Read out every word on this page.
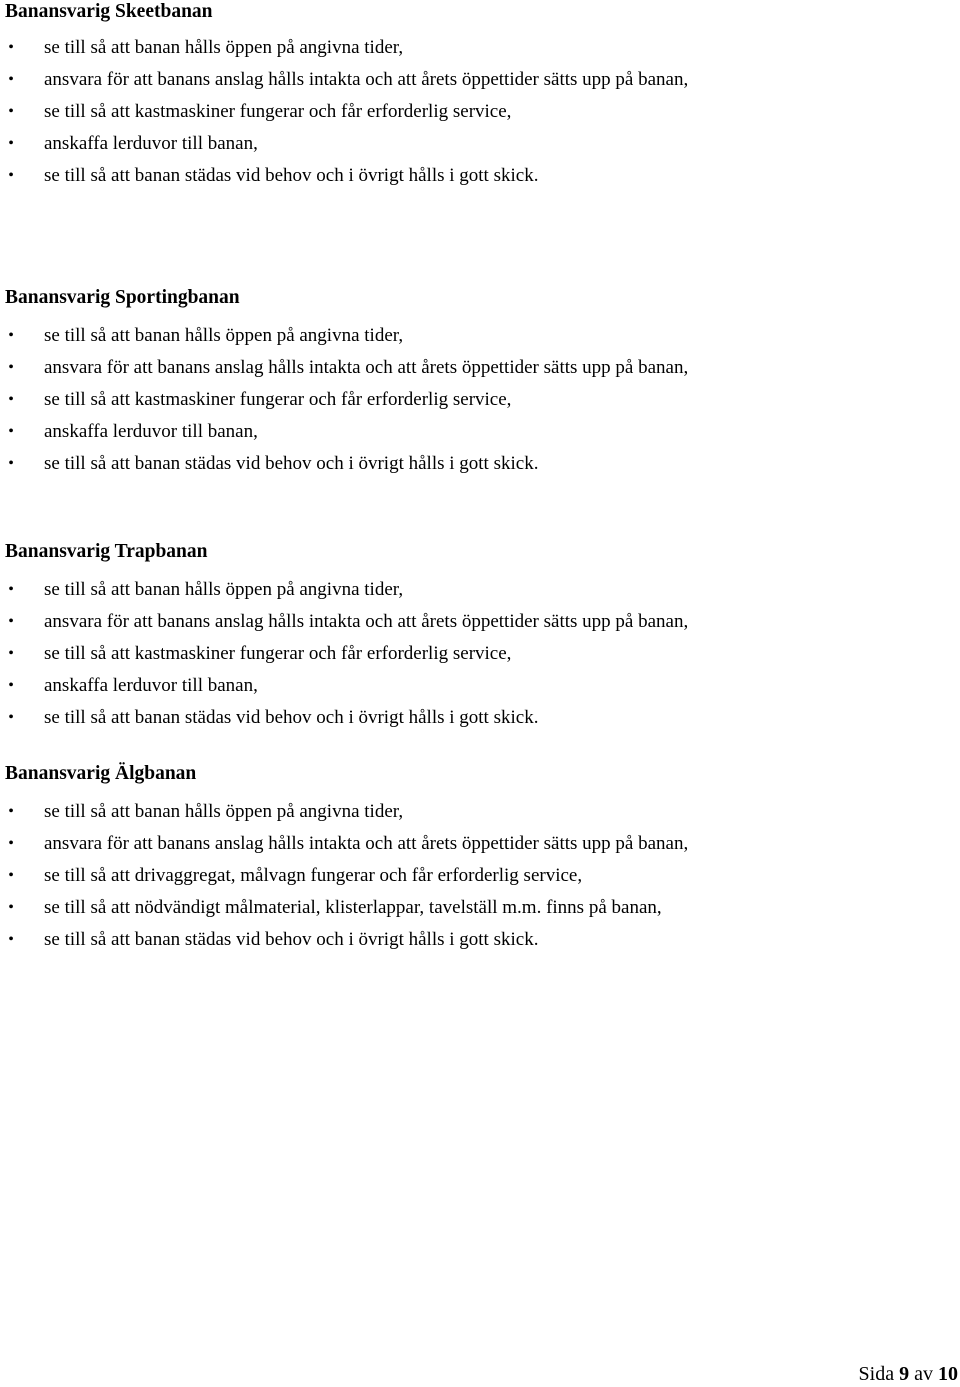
Banansvarig Skeetbanan
• se till så att banan hålls öppen på angivna tider,
• ansvara för att banans anslag hålls intakta och att årets öppettider sätts upp på banan,
• se till så att kastmaskiner fungerar och får erforderlig service,
• anskaffa lerduvor till banan,
• se till så att banan städas vid behov och i övrigt hålls i gott skick.
Banansvarig Sportingbanan
• se till så att banan hålls öppen på angivna tider,
• ansvara för att banans anslag hålls intakta och att årets öppettider sätts upp på banan,
• se till så att kastmaskiner fungerar och får erforderlig service,
• anskaffa lerduvor till banan,
• se till så att banan städas vid behov och i övrigt hålls i gott skick.
Banansvarig Trapbanan
• se till så att banan hålls öppen på angivna tider,
• ansvara för att banans anslag hålls intakta och att årets öppettider sätts upp på banan,
• se till så att kastmaskiner fungerar och får erforderlig service,
• anskaffa lerduvor till banan,
• se till så att banan städas vid behov och i övrigt hålls i gott skick.
Banansvarig Älgbanan
• se till så att banan hålls öppen på angivna tider,
• ansvara för att banans anslag hålls intakta och att årets öppettider sätts upp på banan,
• se till så att drivaggregat, målvagn fungerar och får erforderlig service,
• se till så att nödvändigt målmaterial, klisterlappar, tavelställ m.m. finns på banan,
• se till så att banan städas vid behov och i övrigt hålls i gott skick.
Sida 9 av 10
